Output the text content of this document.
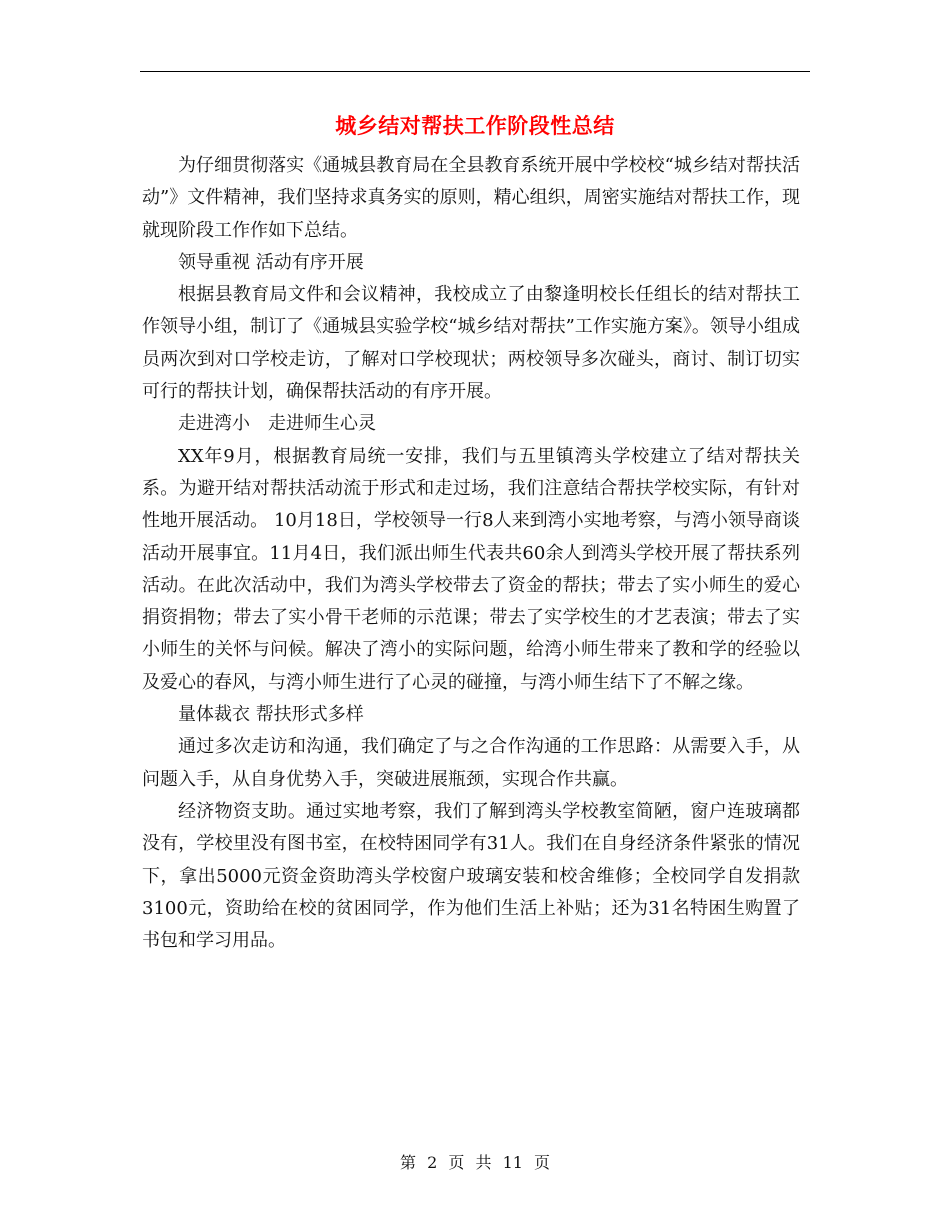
城乡结对帮扶工作阶段性总结

为仔细贯彻落实《通城县教育局在全县教育系统开展中学校校“城乡结对帮扶活动”》文件精神，我们坚持求真务实的原则，精心组织，周密实施结对帮扶工作，现就现阶段工作作如下总结。

领导重视 活动有序开展

根据县教育局文件和会议精神，我校成立了由黎逢明校长任组长的结对帮扶工作领导小组，制订了《通城县实验学校“城乡结对帮扶”工作实施方案》。领导小组成员两次到对口学校走访，了解对口学校现状；两校领导多次碰头，商讨、制订切实可行的帮扶计划，确保帮扶活动的有序开展。

走进湾小　走进师生心灵

XX年9月，根据教育局统一安排，我们与五里镇湾头学校建立了结对帮扶关系。为避开结对帮扶活动流于形式和走过场，我们注意结合帮扶学校实际，有针对性地开展活动。 10月18日，学校领导一行8人来到湾小实地考察，与湾小领导商谈活动开展事宜。11月4日，我们派出师生代表共60余人到湾头学校开展了帮扶系列活动。在此次活动中，我们为湾头学校带去了资金的帮扶；带去了实小师生的爱心捐资捐物；带去了实小骨干老师的示范课；带去了实学校生的才艺表演；带去了实小师生的关怀与问候。解决了湾小的实际问题，给湾小师生带来了教和学的经验以及爱心的春风，与湾小师生进行了心灵的碰撞，与湾小师生结下了不解之缘。

量体裁衣 帮扶形式多样

通过多次走访和沟通，我们确定了与之合作沟通的工作思路：从需要入手，从问题入手，从自身优势入手，突破进展瓶颈，实现合作共赢。

经济物资支助。通过实地考察，我们了解到湾头学校教室简陋，窗户连玻璃都没有，学校里没有图书室，在校特困同学有31人。我们在自身经济条件紧张的情况下，拿出5000元资金资助湾头学校窗户玻璃安装和校舍维修；全校同学自发捐款3100元，资助给在校的贫困同学，作为他们生活上补贴；还为31名特困生购置了书包和学习用品。

第 2 页 共 11 页
